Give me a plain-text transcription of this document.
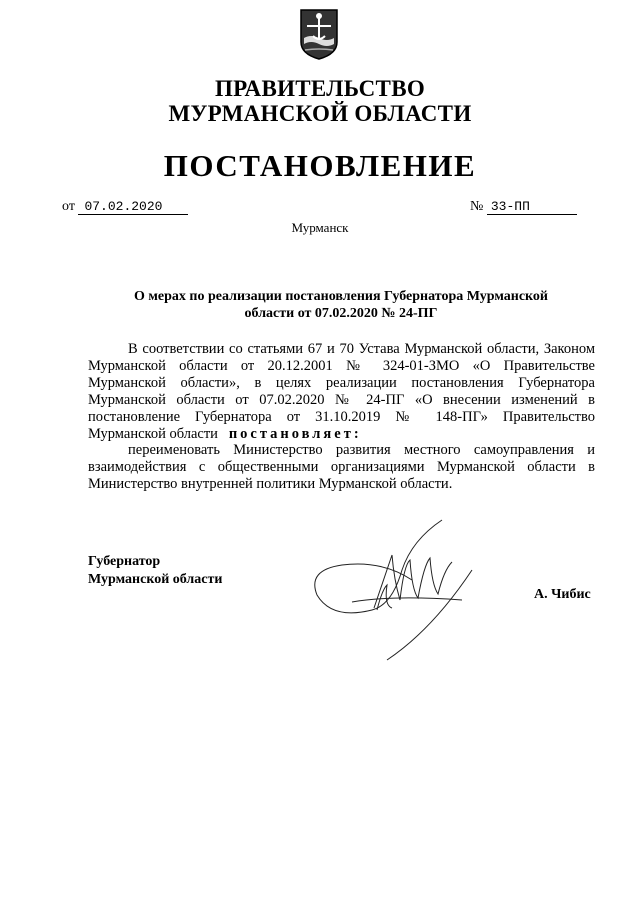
ПРАВИТЕЛЬСТВО
МУРМАНСКОЙ ОБЛАСТИ
ПОСТАНОВЛЕНИЕ
от 07.02.2020	№ 33-ПП
Мурманск
О мерах по реализации постановления Губернатора Мурманской
области от 07.02.2020 № 24-ПГ

В соответствии со статьями 67 и 70 Устава Мурманской области, Законом Мурманской области от 20.12.2001 № 324-01-ЗМО «О Правительстве Мурманской области», в целях реализации постановления Губернатора Мурманской области от 07.02.2020 № 24-ПГ «О внесении изменений в постановление Губернатора от 31.10.2019 № 148-ПГ» Правительство Мурманской области постановляет:

переименовать Министерство развития местного самоуправления и взаимодействия с общественными организациями Мурманской области в Министерство внутренней политики Мурманской области.

Губернатор
Мурманской области
А. Чибис
